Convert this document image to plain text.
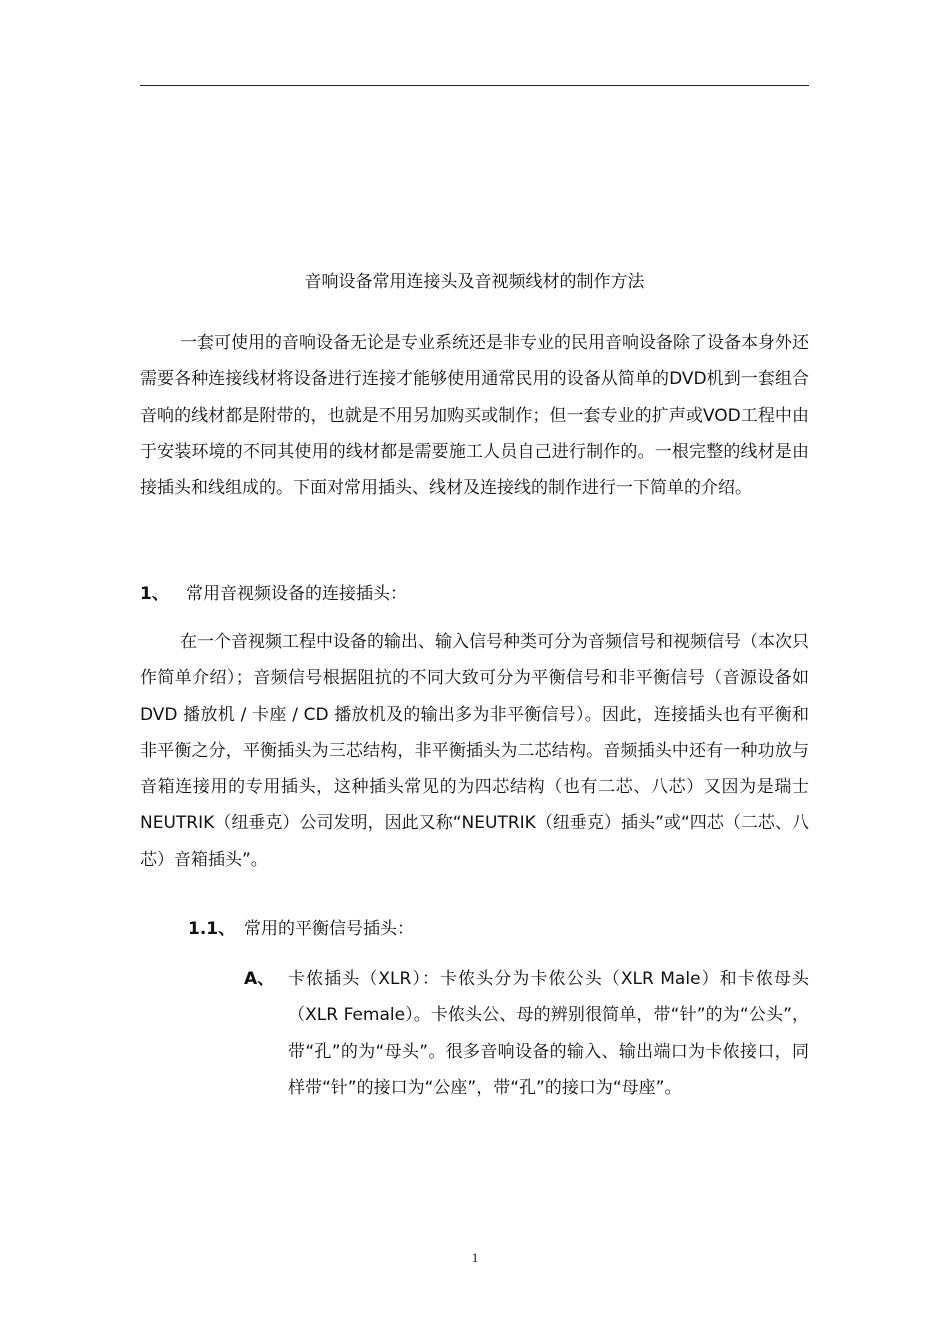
音响设备常用连接头及音视频线材的制作方法

一套可使用的音响设备无论是专业系统还是非专业的民用音响设备除了设备本身外还需要各种连接线材将设备进行连接才能够使用通常民用的设备从简单的DVD机到一套组合音响的线材都是附带的，也就是不用另加购买或制作；但一套专业的扩声或VOD工程中由于安装环境的不同其使用的线材都是需要施工人员自己进行制作的。一根完整的线材是由接插头和线组成的。下面对常用插头、线材及连接线的制作进行一下简单的介绍。

1、 常用音视频设备的连接插头：

在一个音视频工程中设备的输出、输入信号种类可分为音频信号和视频信号（本次只作简单介绍）；音频信号根据阻抗的不同大致可分为平衡信号和非平衡信号（音源设备如 DVD 播放机 / 卡座 / CD 播放机及的输出多为非平衡信号）。因此，连接插头也有平衡和非平衡之分，平衡插头为三芯结构，非平衡插头为二芯结构。音频插头中还有一种功放与音箱连接用的专用插头，这种插头常见的为四芯结构（也有二芯、八芯）又因为是瑞士NEUTRIK（纽垂克）公司发明，因此又称“NEUTRIK（纽垂克）插头”或“四芯（二芯、八芯）音箱插头”。

1.1、 常用的平衡信号插头：

A、 卡侬插头（XLR）：卡侬头分为卡侬公头（XLR Male）和卡侬母头（XLR Female）。卡侬头公、母的辨别很简单，带“针”的为“公头”，带“孔”的为“母头”。很多音响设备的输入、输出端口为卡侬接口，同样带“针”的接口为“公座”，带“孔”的接口为“母座”。
1
